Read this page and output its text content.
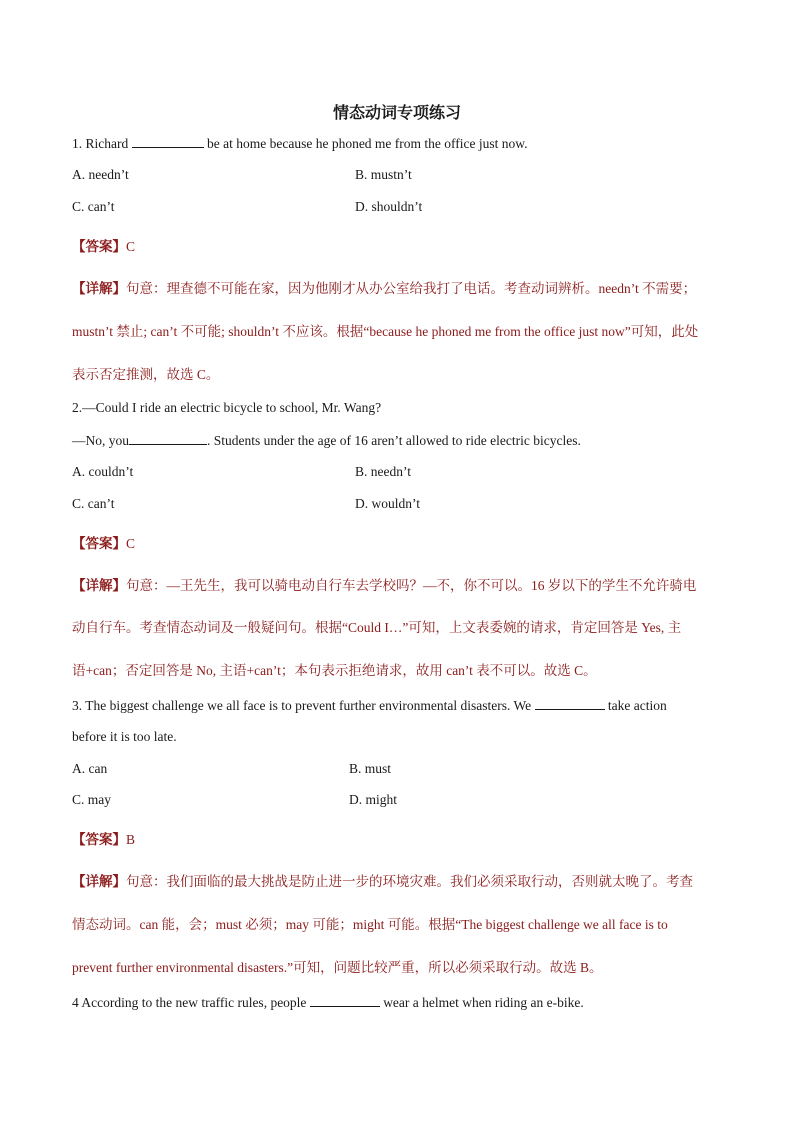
情态动词专项练习
1. Richard	be at home because he phoned me from the office just now.
A. needn’t	B. mustn’t
C. can’t	D. shouldn’t
【答案】C
【详解】句意：理查德不可能在家，因为他刚才从办公室给我打了电话。考查动词辨析。needn’t 不需要；
mustn’t 禁止; can’t 不可能; shouldn’t 不应该。根据“because he phoned me from the office just now”可知，此处
表示否定推测，故选 C。
2.—Could I ride an electric bicycle to school, Mr. Wang?
—No, you	. Students under the age of 16 aren’t allowed to ride electric bicycles.
A. couldn’t	B. needn’t
C. can’t	D. wouldn’t
【答案】C
【详解】句意：—王先生，我可以骑电动自行车去学校吗？—不，你不可以。16 岁以下的学生不允许骑电
动自行车。考查情态动词及一般疑问句。根据“Could I…”可知，上文表委婉的请求，肯定回答是 Yes, 主
语+can；否定回答是 No, 主语+can’t；本句表示拒绝请求，故用 can’t 表不可以。故选 C。
3. The biggest challenge we all face is to prevent further environmental disasters. We	take action
before it is too late.
A. can	B. must
C. may	D. might
【答案】B
【详解】句意：我们面临的最大挑战是防止进一步的环境灾难。我们必须采取行动，否则就太晚了。考查
情态动词。can 能，会；must 必须；may 可能；might 可能。根据“The biggest challenge we all face is to
prevent further environmental disasters.”可知，问题比较严重，所以必须采取行动。故选 B。
4 According to the new traffic rules, people	wear a helmet when riding an e-bike.
